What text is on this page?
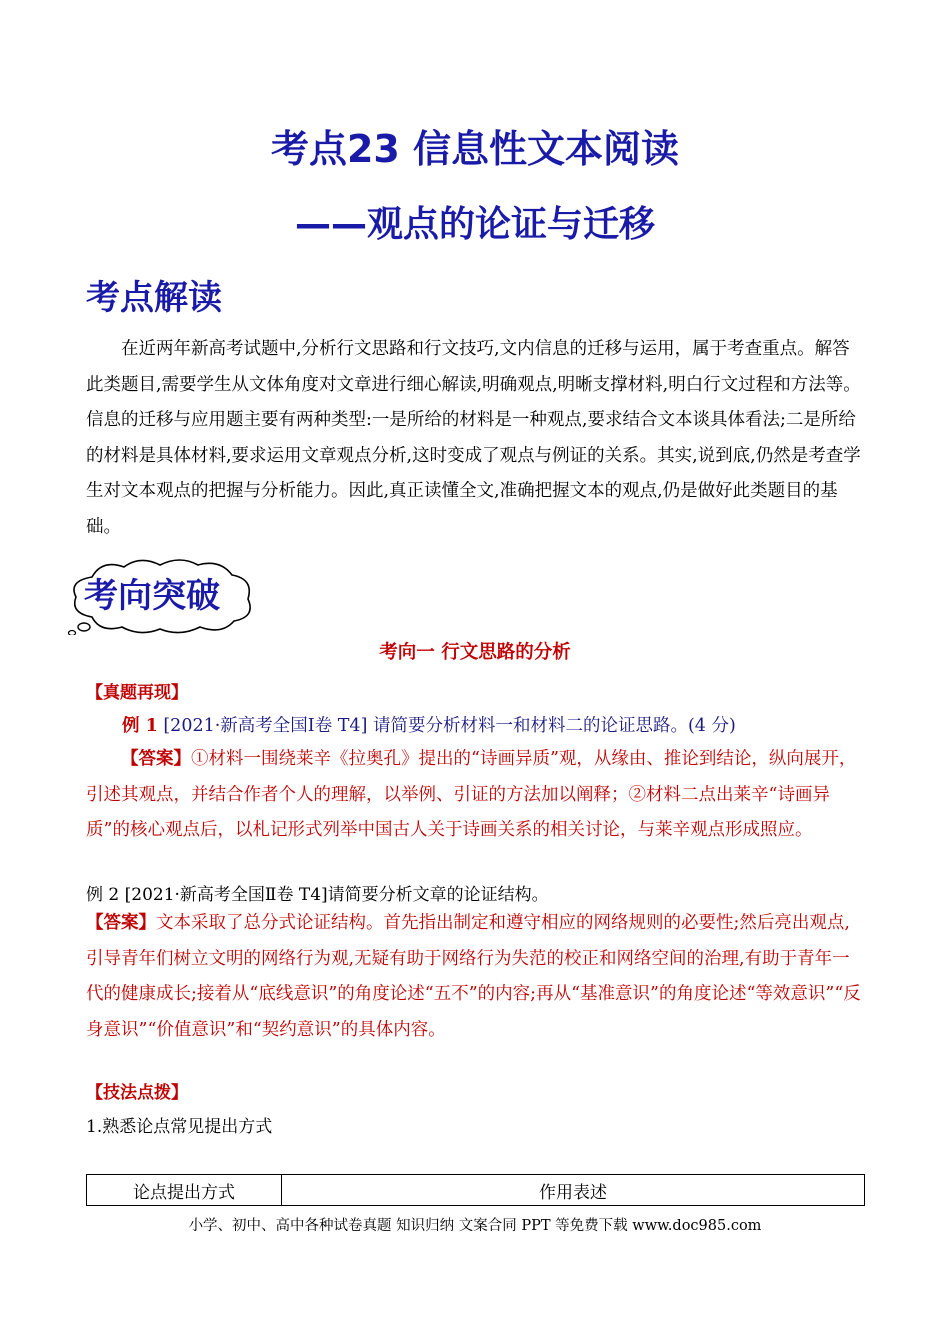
考点23 信息性文本阅读
——观点的论证与迁移
考点解读

在近两年新高考试题中,分析行文思路和行文技巧,文内信息的迁移与运用，属于考查重点。解答此类题目,需要学生从文体角度对文章进行细心解读,明确观点,明晰支撑材料,明白行文过程和方法等。信息的迁移与应用题主要有两种类型:一是所给的材料是一种观点,要求结合文本谈具体看法;二是所给的材料是具体材料,要求运用文章观点分析,这时变成了观点与例证的关系。其实,说到底,仍然是考查学生对文本观点的把握与分析能力。因此,真正读懂全文,准确把握文本的观点,仍是做好此类题目的基础。

考向突破
考向一 行文思路的分析
【真题再现】
例 1 [2021·新高考全国Ⅰ卷 T4] 请简要分析材料一和材料二的论证思路。(4 分)

【答案】①材料一围绕莱辛《拉奥孔》提出的“诗画异质”观，从缘由、推论到结论，纵向展开，引述其观点，并结合作者个人的理解，以举例、引证的方法加以阐释；②材料二点出莱辛“诗画异质”的核心观点后，以札记形式列举中国古人关于诗画关系的相关讨论，与莱辛观点形成照应。

例 2 [2021·新高考全国Ⅱ卷 T4]请简要分析文章的论证结构。

【答案】文本采取了总分式论证结构。首先指出制定和遵守相应的网络规则的必要性;然后亮出观点,引导青年们树立文明的网络行为观,无疑有助于网络行为失范的校正和网络空间的治理,有助于青年一代的健康成长;接着从“底线意识”的角度论述“五不”的内容;再从“基准意识”的角度论述“等效意识”“反身意识”“价值意识”和“契约意识”的具体内容。

【技法点拨】
1.熟悉论点常见提出方式
论点提出方式	作用表述
小学、初中、高中各种试卷真题 知识归纳 文案合同 PPT 等免费下载 www.doc985.com
